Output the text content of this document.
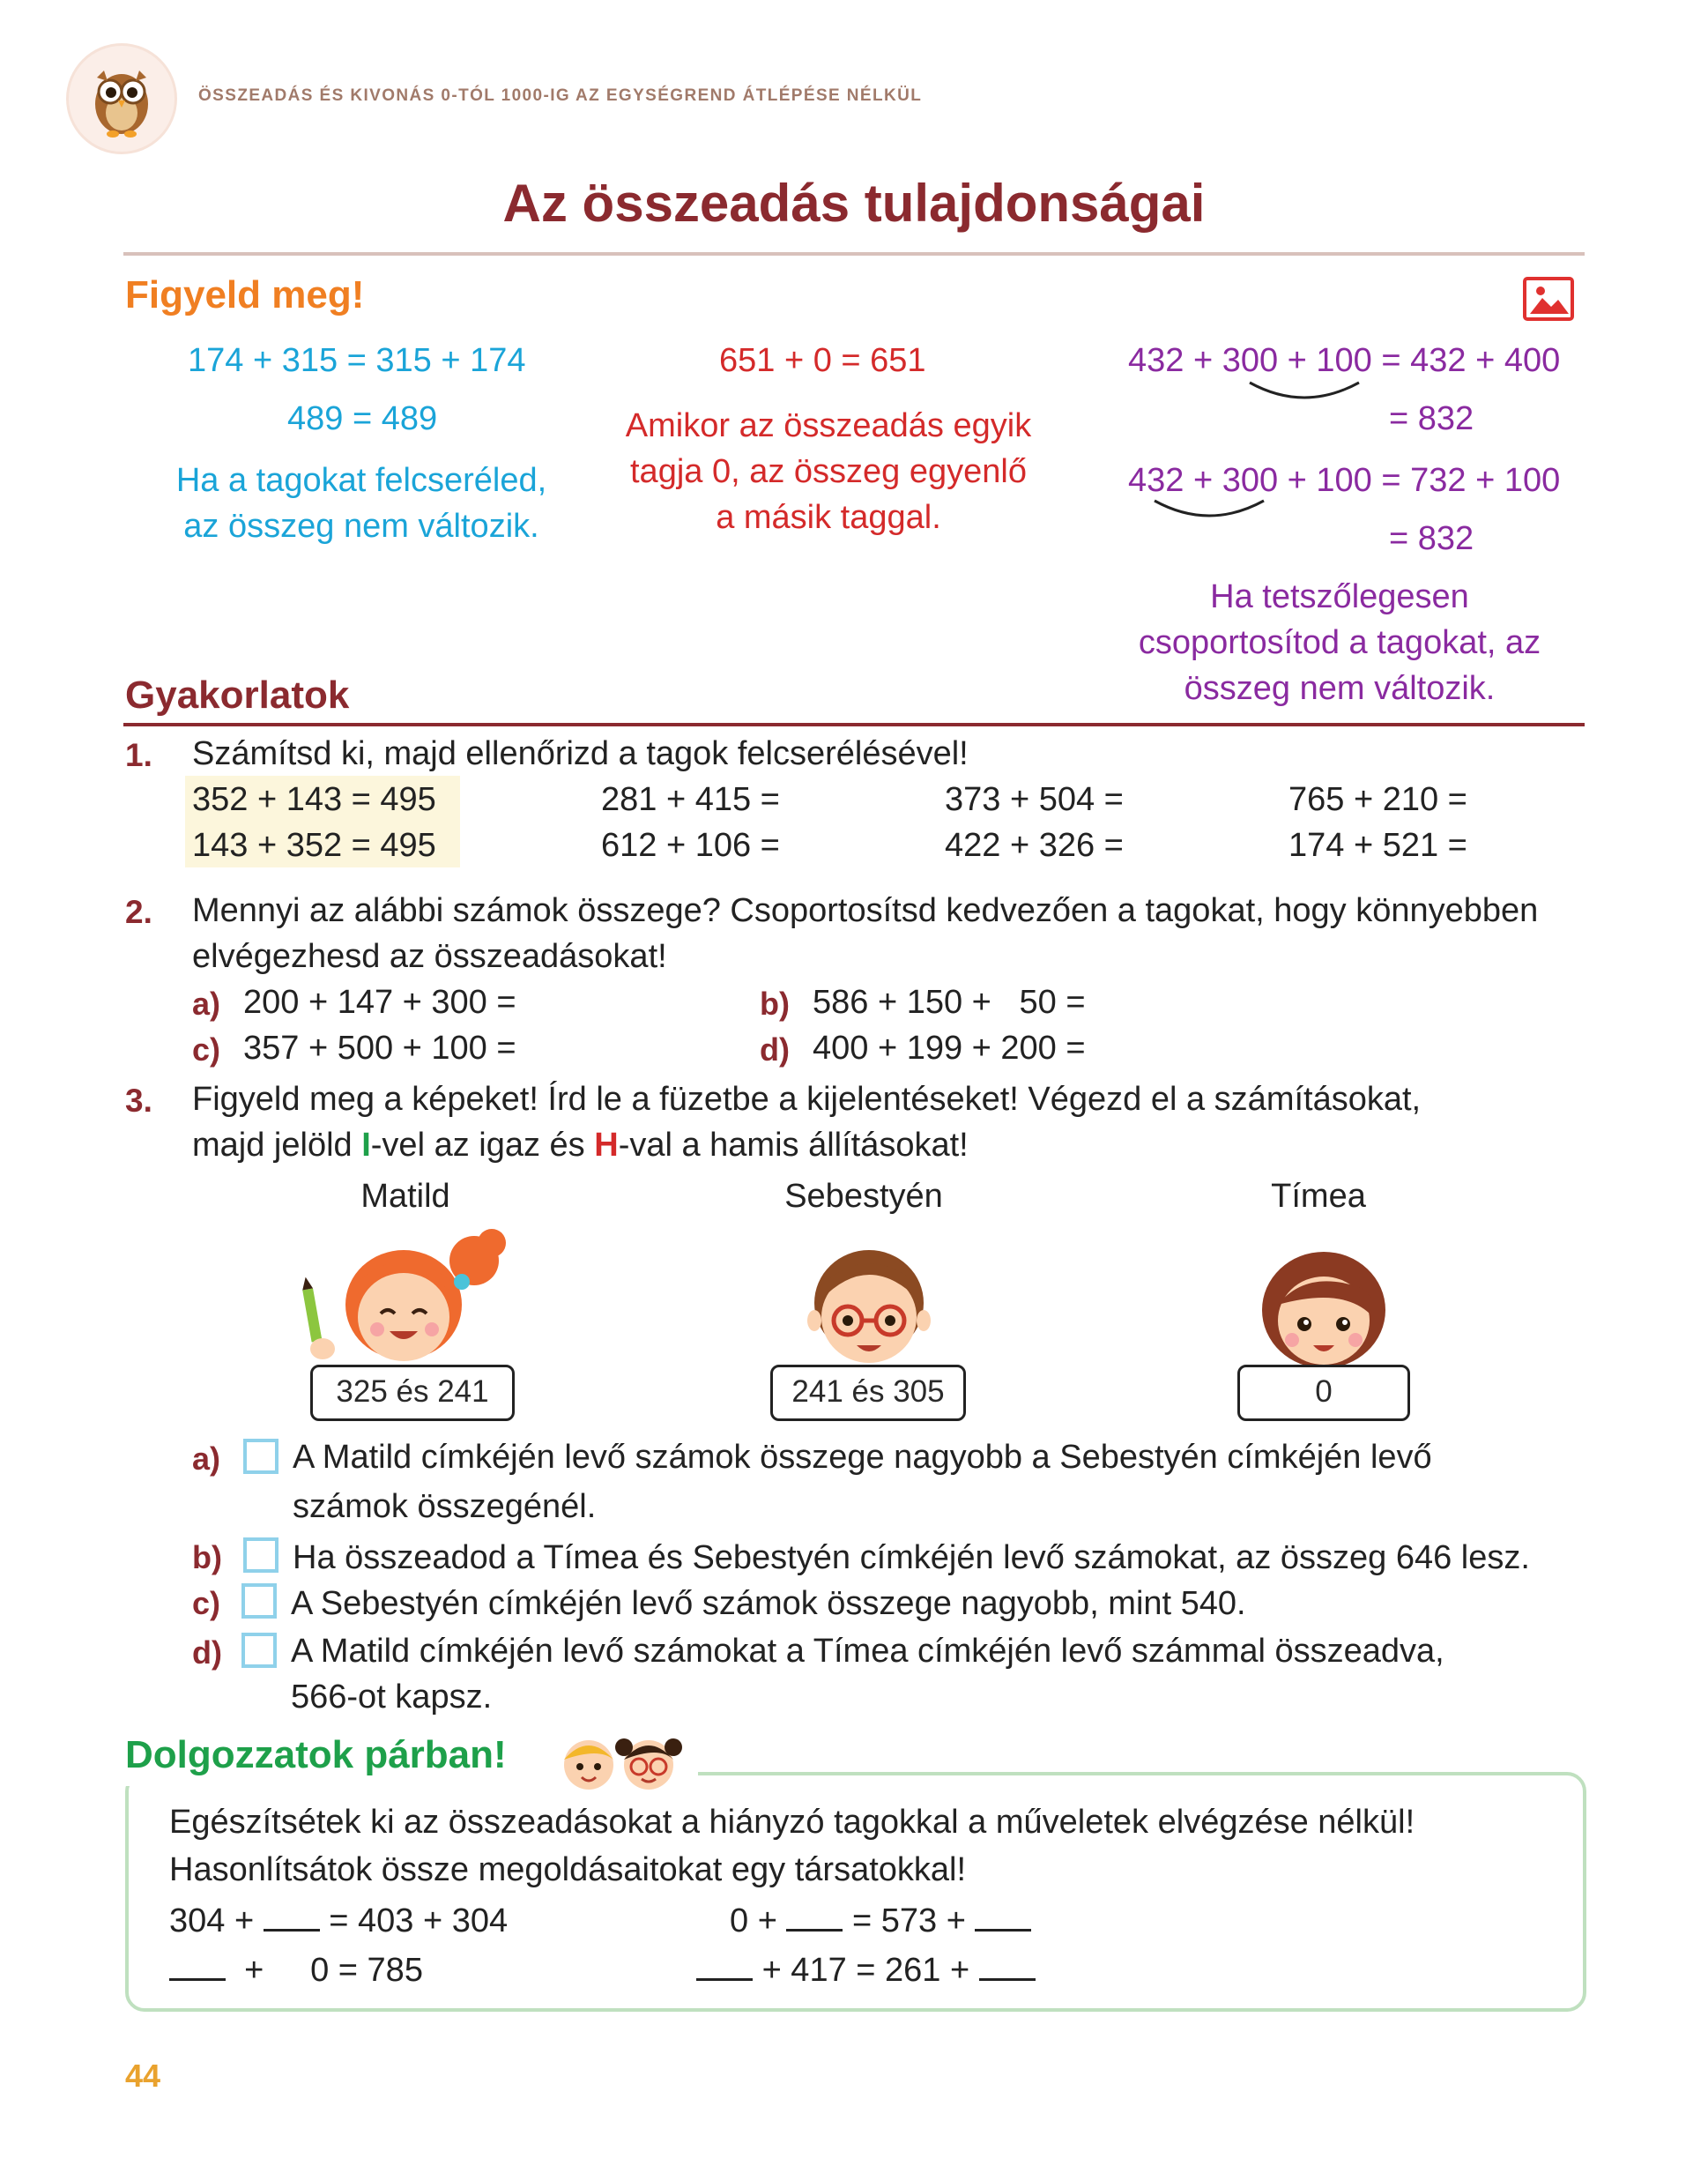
ÖSSZEADÁS ÉS KIVONÁS 0-TÓL 1000-IG AZ EGYSÉGREND ÁTLÉPÉSE NÉLKÜL
Az összeadás tulajdonságai
Figyeld meg!
174 + 315 = 315 + 174
489 = 489
Ha a tagokat felcseréled,
az összeg nem változik.
651 + 0 = 651
Amikor az összeadás egyik
tagja 0, az összeg egyenlő
a másik taggal.
432 + 300 + 100 = 432 + 400
= 832
432 + 300 + 100 = 732 + 100
= 832
Ha tetszőlegesen
csoportosítod a tagokat, az
összeg nem változik.
Gyakorlatok
1. Számítsd ki, majd ellenőrizd a tagok felcserélésével!
352 + 143 = 495	281 + 415 =	373 + 504 =	765 + 210 =
143 + 352 = 495	612 + 106 =	422 + 326 =	174 + 521 =
2. Mennyi az alábbi számok összege? Csoportosítsd kedvezően a tagokat, hogy könnyebben
elvégezhesd az összeadásokat!
a) 200 + 147 + 300 =	b) 586 + 150 +   50 =
c) 357 + 500 + 100 =	d) 400 + 199 + 200 =
3. Figyeld meg a képeket! Írd le a füzetbe a kijelentéseket! Végezd el a számításokat,
majd jelöld I-vel az igaz és H-val a hamis állításokat!
Matild	Sebestyén	Tímea
325 és 241	241 és 305	0
a) A Matild címkéjén levő számok összege nagyobb a Sebestyén címkéjén levő
számok összegénél.
b) Ha összeadod a Tímea és Sebestyén címkéjén levő számokat, az összeg 646 lesz.
c) A Sebestyén címkéjén levő számok összege nagyobb, mint 540.
d) A Matild címkéjén levő számokat a Tímea címkéjén levő számmal összeadva,
566-ot kapsz.
Dolgozzatok párban!
Egészítsétek ki az összeadásokat a hiányzó tagokkal a műveletek elvégzése nélkül!
Hasonlítsátok össze megoldásaitokat egy társatokkal!
304 + = 403 + 304
+     0 = 785
0 + = 573 +
+ 417 = 261 +
44
